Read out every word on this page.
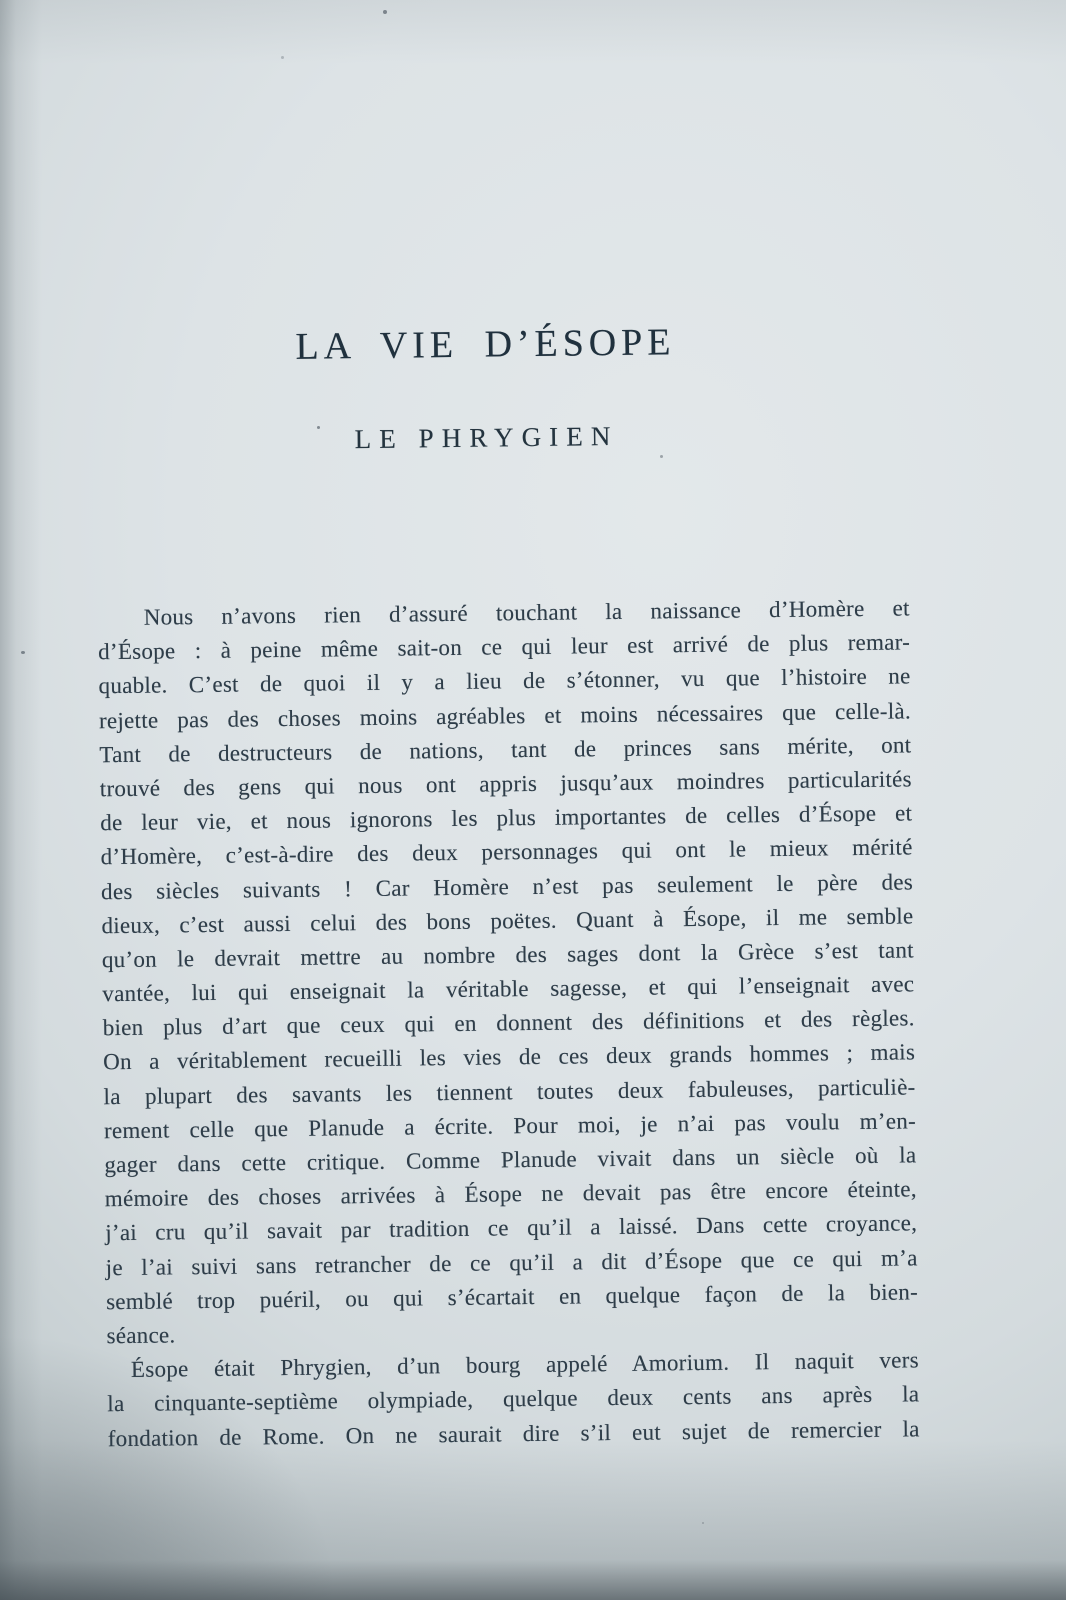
LA VIE D’ÉSOPE
LE PHRYGIEN
Nous n’avons rien d’assuré touchant la naissance d’Homère et
d’Ésope : à peine même sait-on ce qui leur est arrivé de plus remar-
quable. C’est de quoi il y a lieu de s’étonner, vu que l’histoire ne
rejette pas des choses moins agréables et moins nécessaires que celle-là.
Tant de destructeurs de nations, tant de princes sans mérite, ont
trouvé des gens qui nous ont appris jusqu’aux moindres particularités
de leur vie, et nous ignorons les plus importantes de celles d’Ésope et
d’Homère, c’est-à-dire des deux personnages qui ont le mieux mérité
des siècles suivants ! Car Homère n’est pas seulement le père des
dieux, c’est aussi celui des bons poëtes. Quant à Ésope, il me semble
qu’on le devrait mettre au nombre des sages dont la Grèce s’est tant
vantée, lui qui enseignait la véritable sagesse, et qui l’enseignait avec
bien plus d’art que ceux qui en donnent des définitions et des règles.
On a véritablement recueilli les vies de ces deux grands hommes ; mais
la plupart des savants les tiennent toutes deux fabuleuses, particuliè-
rement celle que Planude a écrite. Pour moi, je n’ai pas voulu m’en-
gager dans cette critique. Comme Planude vivait dans un siècle où la
mémoire des choses arrivées à Ésope ne devait pas être encore éteinte,
j’ai cru qu’il savait par tradition ce qu’il a laissé. Dans cette croyance,
je l’ai suivi sans retrancher de ce qu’il a dit d’Ésope que ce qui m’a
semblé trop puéril, ou qui s’écartait en quelque façon de la bien-
séance.
Ésope était Phrygien, d’un bourg appelé Amorium. Il naquit vers
la cinquante-septième olympiade, quelque deux cents ans après la
fondation de Rome. On ne saurait dire s’il eut sujet de remercier la
